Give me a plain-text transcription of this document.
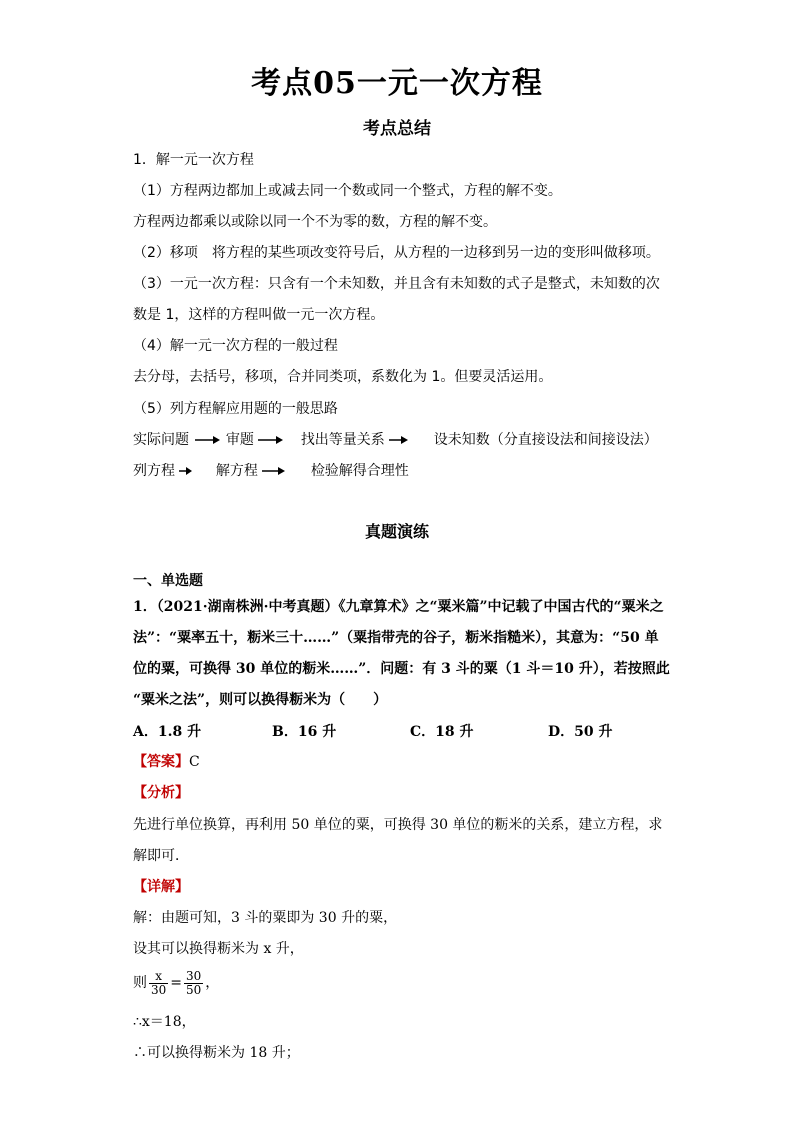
考点05一元一次方程
考点总结
1．解一元一次方程
（1）方程两边都加上或减去同一个数或同一个整式，方程的解不变。
方程两边都乘以或除以同一个不为零的数，方程的解不变。
（2）移项　将方程的某些项改变符号后，从方程的一边移到另一边的变形叫做移项。
（3）一元一次方程：只含有一个未知数，并且含有未知数的式子是整式，未知数的次
数是 1，这样的方程叫做一元一次方程。
（4）解一元一次方程的一般过程
去分母，去括号，移项，合并同类项，系数化为 1。但要灵活运用。
（5）列方程解应用题的一般思路
实际问题	审题	找出等量关系	设未知数（分直接设法和间接设法）
列方程	解方程	检验解得合理性
真题演练
一、单选题
1．（2021·湖南株洲·中考真题）《九章算术》之“粟米篇”中记载了中国古代的“粟米之
法”：“粟率五十，粝米三十……”（粟指带壳的谷子，粝米指糙米），其意为：“50 单
位的粟，可换得 30 单位的粝米……”．问题：有 3 斗的粟（1 斗＝10 升），若按照此
“粟米之法”，则可以换得粝米为（　　）
A．1.8 升	B．16 升	C．18 升	D．50 升
【答案】C
【分析】
先进行单位换算，再利用 50 单位的粟，可换得 30 单位的粝米的关系，建立方程，求
解即可．
【详解】
解：由题可知，3 斗的粟即为 30 升的粟，
设其可以换得粝米为 x 升，
则 $\frac{x}{30} = \frac{30}{50}$ ，
∴x＝18，
∴可以换得粝米为 18 升；
